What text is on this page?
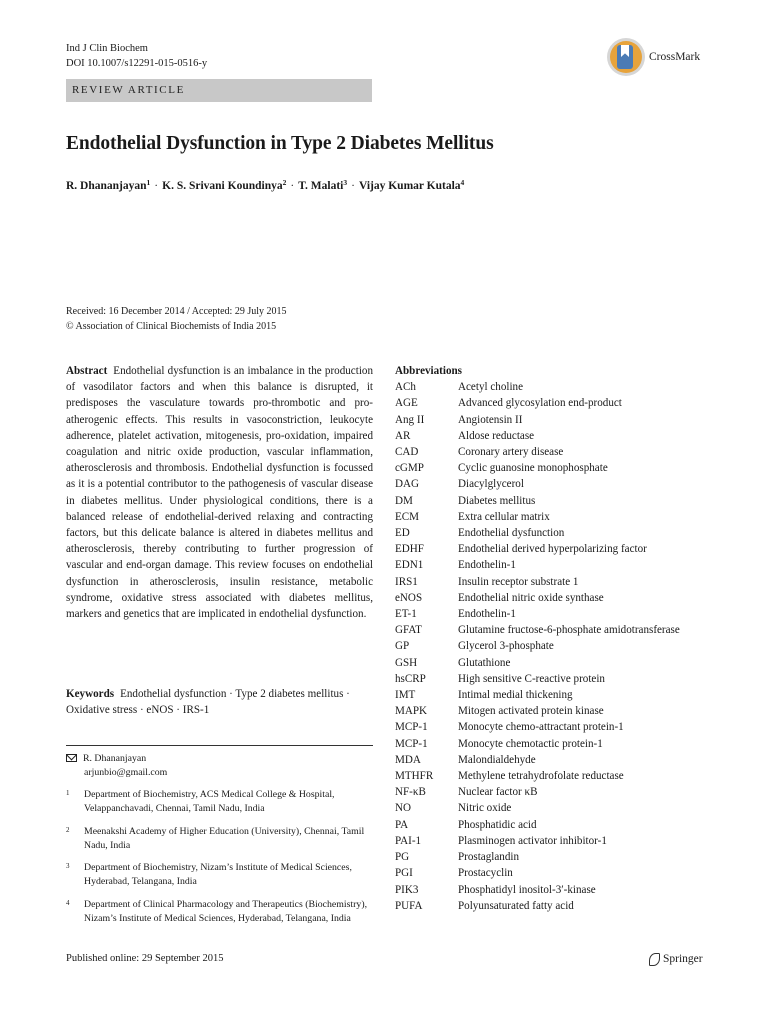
Ind J Clin Biochem
DOI 10.1007/s12291-015-0516-y
CrossMark
REVIEW ARTICLE
Endothelial Dysfunction in Type 2 Diabetes Mellitus
R. Dhananjayan$^1$ · K. S. Srivani Koundinya$^2$ · T. Malati$^3$ · Vijay Kumar Kutala$^4$
Received: 16 December 2014 / Accepted: 29 July 2015
© Association of Clinical Biochemists of India 2015
Abstract Endothelial dysfunction is an imbalance in the production of vasodilator factors and when this balance is disrupted, it predisposes the vasculature towards pro-thrombotic and pro-atherogenic effects. This results in vasoconstriction, leukocyte adherence, platelet activation, mitogenesis, pro-oxidation, impaired coagulation and nitric oxide production, vascular inflammation, atherosclerosis and thrombosis. Endothelial dysfunction is focussed as it is a potential contributor to the pathogenesis of vascular disease in diabetes mellitus. Under physiological conditions, there is a balanced release of endothelial-derived relaxing and contracting factors, but this delicate balance is altered in diabetes mellitus and atherosclerosis, thereby contributing to further progression of vascular and end-organ damage. This review focuses on endothelial dysfunction in atherosclerosis, insulin resistance, metabolic syndrome, oxidative stress associated with diabetes mellitus, markers and genetics that are implicated in endothelial dysfunction.
Keywords Endothelial dysfunction · Type 2 diabetes mellitus · Oxidative stress · eNOS · IRS-1
R. Dhananjayan
arjunbio@gmail.com
1	Department of Biochemistry, ACS Medical College & Hospital, Velappanchavadi, Chennai, Tamil Nadu, India
2	Meenakshi Academy of Higher Education (University), Chennai, Tamil Nadu, India
3	Department of Biochemistry, Nizam’s Institute of Medical Sciences, Hyderabad, Telangana, India
4	Department of Clinical Pharmacology and Therapeutics (Biochemistry), Nizam’s Institute of Medical Sciences, Hyderabad, Telangana, India
Abbreviations
ACh	Acetyl choline
AGE	Advanced glycosylation end-product
Ang II	Angiotensin II
AR	Aldose reductase
CAD	Coronary artery disease
cGMP	Cyclic guanosine monophosphate
DAG	Diacylglycerol
DM	Diabetes mellitus
ECM	Extra cellular matrix
ED	Endothelial dysfunction
EDHF	Endothelial derived hyperpolarizing factor
EDN1	Endothelin-1
IRS1	Insulin receptor substrate 1
eNOS	Endothelial nitric oxide synthase
ET-1	Endothelin-1
GFAT	Glutamine fructose-6-phosphate amidotransferase
GP	Glycerol 3-phosphate
GSH	Glutathione
hsCRP	High sensitive C-reactive protein
IMT	Intimal medial thickening
MAPK	Mitogen activated protein kinase
MCP-1	Monocyte chemo-attractant protein-1
MCP-1	Monocyte chemotactic protein-1
MDA	Malondialdehyde
MTHFR	Methylene tetrahydrofolate reductase
NF-κB	Nuclear factor κB
NO	Nitric oxide
PA	Phosphatidic acid
PAI-1	Plasminogen activator inhibitor-1
PG	Prostaglandin
PGI	Prostacyclin
PIK3	Phosphatidyl inositol-3′-kinase
PUFA	Polyunsaturated fatty acid
Published online: 29 September 2015	Springer
